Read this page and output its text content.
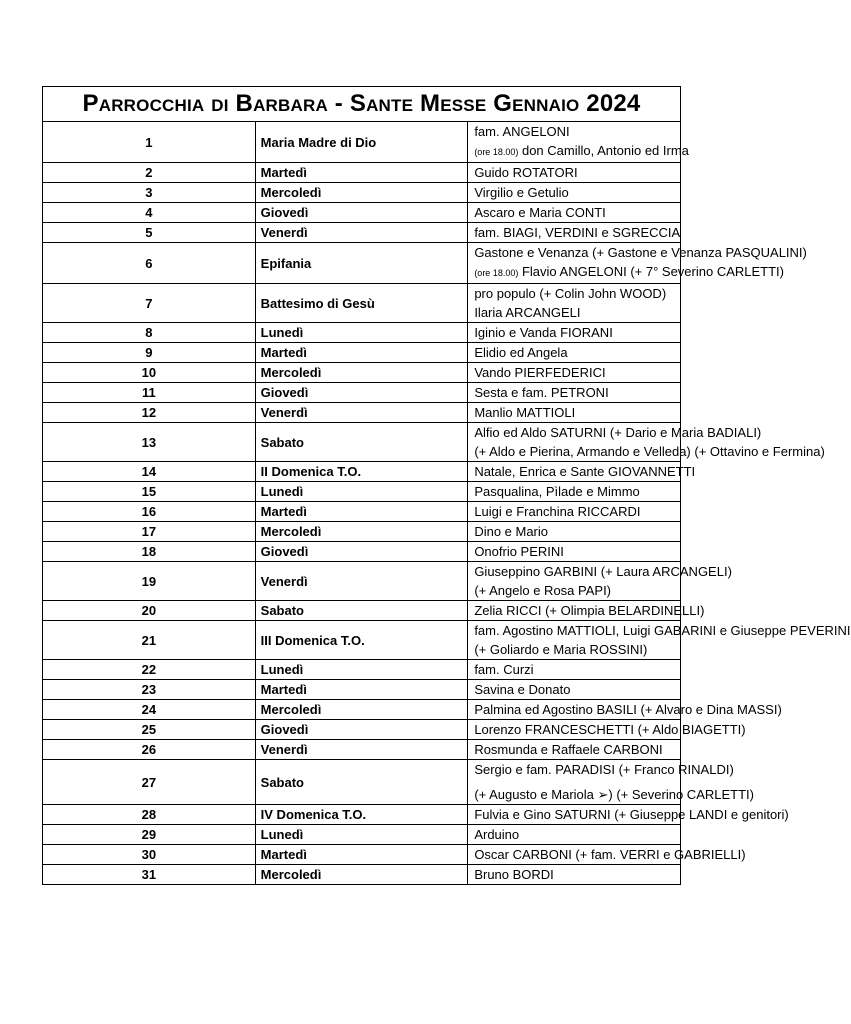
Parrocchia di Barbara - Sante Messe Gennaio 2024		
1	Maria Madre di Dio	fam. ANGELONI
(ore 18.00) don Camillo, Antonio ed Irma

2	Martedì	Guido ROTATORI

3	Mercoledì	Virgilio e Getulio

4	Giovedì	Ascaro e Maria CONTI

5	Venerdì	fam. BIAGI, VERDINI e SGRECCIA

6	Epifania	Gastone e Venanza (+ Gastone e Venanza PASQUALINI)
(ore 18.00) Flavio ANGELONI (+ 7° Severino CARLETTI)

7	Battesimo di Gesù	pro populo (+ Colin John WOOD)
Ilaria ARCANGELI

8	Lunedì	Iginio e Vanda FIORANI

9	Martedì	Elidio ed Angela

10	Mercoledì	Vando PIERFEDERICI

11	Giovedì	Sesta e fam. PETRONI

12	Venerdì	Manlio MATTIOLI

13	Sabato	Alfio ed Aldo SATURNI (+ Dario e Maria BADIALI)
(+ Aldo e Pierina, Armando e Velleda) (+ Ottavino e Fermina)

14	II Domenica T.O.	Natale, Enrica e Sante GIOVANNETTI

15	Lunedì	Pasqualina, Pìlade e Mimmo

16	Martedì	Luigi e Franchina RICCARDI

17	Mercoledì	Dino e Mario

18	Giovedì	Onofrio PERINI

19	Venerdì	Giuseppino GARBINI (+ Laura ARCANGELI)
(+ Angelo e Rosa PAPI)

20	Sabato	Zelia RICCI (+ Olimpia BELARDINELLI)

21	III Domenica T.O.	fam. Agostino MATTIOLI, Luigi GABARINI e Giuseppe PEVERINI
(+ Goliardo e Maria ROSSINI)

22	Lunedì	fam. Curzi

23	Martedì	Savina e Donato

24	Mercoledì	Palmina ed Agostino BASILI (+ Alvaro e Dina MASSI)

25	Giovedì	Lorenzo FRANCESCHETTI (+ Aldo BIAGETTI)

26	Venerdì	Rosmunda e Raffaele CARBONI

27	Sabato	Sergio e fam. PARADISI (+ Franco RINALDI)
(+ Augusto e Mariola ➢) (+ Severino CARLETTI)

28	IV Domenica T.O.	Fulvia e Gino SATURNI (+ Giuseppe LANDI e genitori)

29	Lunedì	Arduino

30	Martedì	Oscar CARBONI (+ fam. VERRI e GABRIELLI)

31	Mercoledì	Bruno BORDI
